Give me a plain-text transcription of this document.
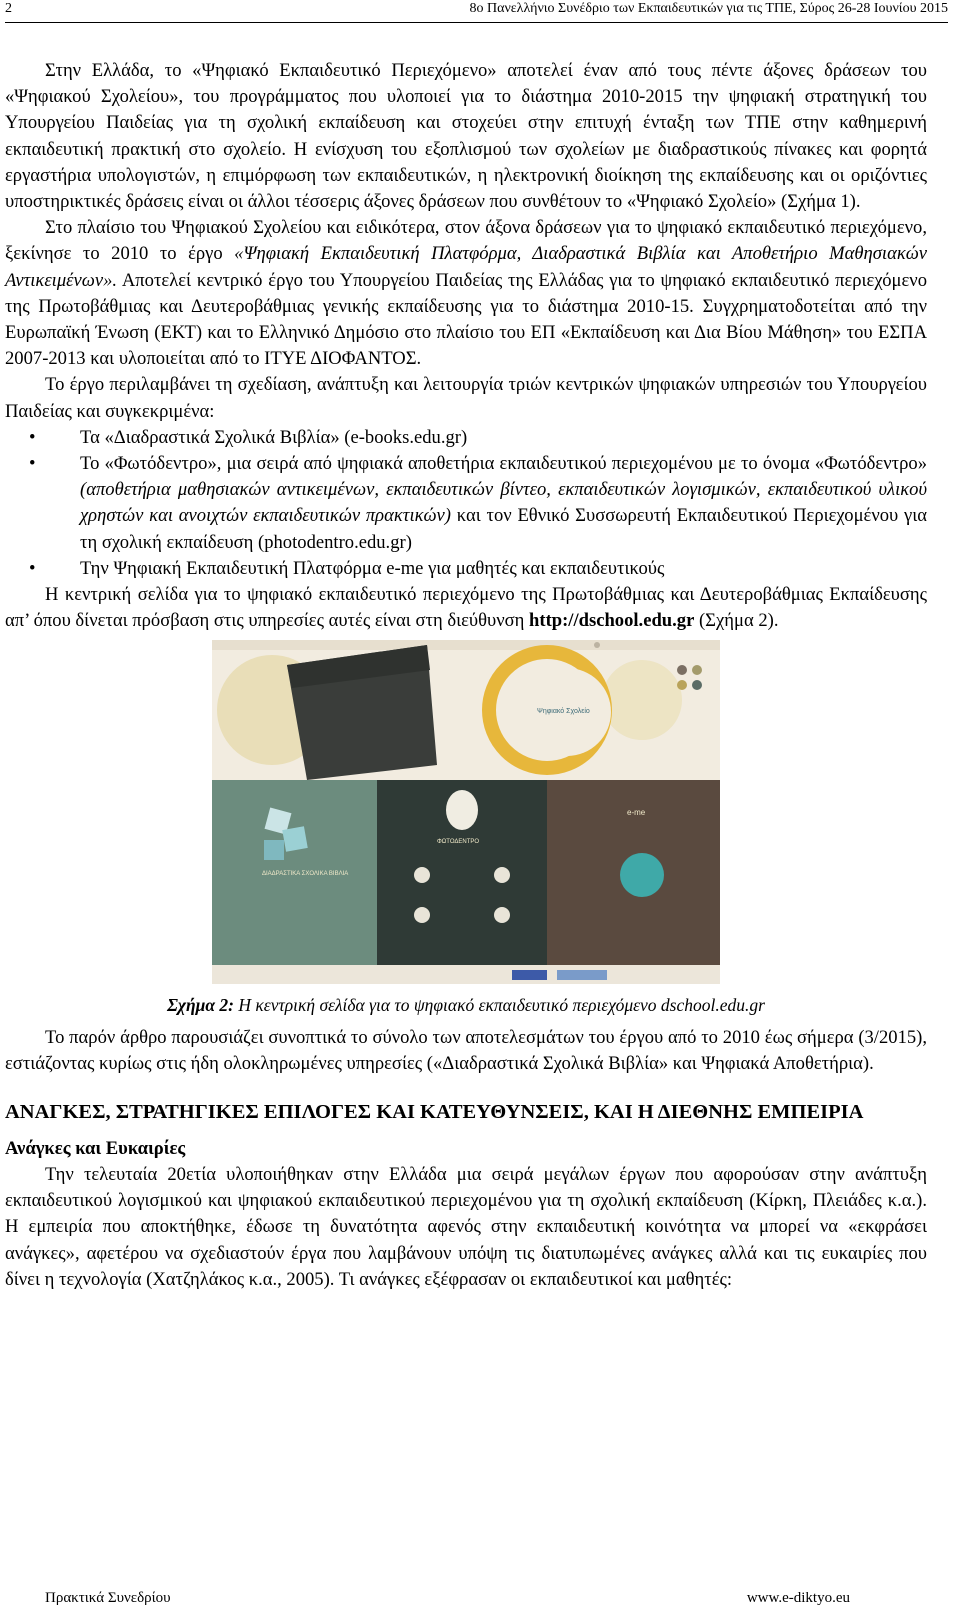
2	8ο Πανελλήνιο Συνέδριο των Εκπαιδευτικών για τις ΤΠΕ, Σύρος 26-28 Ιουνίου 2015

Στην Ελλάδα, το «Ψηφιακό Εκπαιδευτικό Περιεχόμενο» αποτελεί έναν από τους πέντε άξονες δράσεων του «Ψηφιακού Σχολείου», του προγράμματος που υλοποιεί για το διάστημα 2010-2015 την ψηφιακή στρατηγική του Υπουργείου Παιδείας για τη σχολική εκπαίδευση και στοχεύει στην επιτυχή ένταξη των ΤΠΕ στην καθημερινή εκπαιδευτική πρακτική στο σχολείο. Η ενίσχυση του εξοπλισμού των σχολείων με διαδραστικούς πίνακες και φορητά εργαστήρια υπολογιστών, η επιμόρφωση των εκπαιδευτικών, η ηλεκτρονική διοίκηση της εκπαίδευσης και οι οριζόντιες υποστηρικτικές δράσεις είναι οι άλλοι τέσσερις άξονες δράσεων που συνθέτουν το «Ψηφιακό Σχολείο» (Σχήμα 1).

Στο πλαίσιο του Ψηφιακού Σχολείου και ειδικότερα, στον άξονα δράσεων για το ψηφιακό εκπαιδευτικό περιεχόμενο, ξεκίνησε το 2010 το έργο «Ψηφιακή Εκπαιδευτική Πλατφόρμα, Διαδραστικά Βιβλία και Αποθετήριο Μαθησιακών Αντικειμένων». Αποτελεί κεντρικό έργο του Υπουργείου Παιδείας της Ελλάδας για το ψηφιακό εκπαιδευτικό περιεχόμενο της Πρωτοβάθμιας και Δευτεροβάθμιας γενικής εκπαίδευσης για το διάστημα 2010-15. Συγχρηματοδοτείται από την Ευρωπαϊκή Ένωση (ΕΚΤ) και το Ελληνικό Δημόσιο στο πλαίσιο του ΕΠ «Εκπαίδευση και Δια Βίου Μάθηση» του ΕΣΠΑ 2007-2013 και υλοποιείται από το ΙΤΥΕ ΔΙΟΦΑΝΤΟΣ.

Το έργο περιλαμβάνει τη σχεδίαση, ανάπτυξη και λειτουργία τριών κεντρικών ψηφιακών υπηρεσιών του Υπουργείου Παιδείας και συγκεκριμένα:

• Τα «Διαδραστικά Σχολικά Βιβλία» (e-books.edu.gr)
• Το «Φωτόδεντρο», μια σειρά από ψηφιακά αποθετήρια εκπαιδευτικού περιεχομένου με το όνομα «Φωτόδεντρο» (αποθετήρια μαθησιακών αντικειμένων, εκπαιδευτικών βίντεο, εκπαιδευτικών λογισμικών, εκπαιδευτικού υλικού χρηστών και ανοιχτών εκπαιδευτικών πρακτικών) και τον Εθνικό Συσσωρευτή Εκπαιδευτικού Περιεχομένου για τη σχολική εκπαίδευση (photodentro.edu.gr)
• Την Ψηφιακή Εκπαιδευτική Πλατφόρμα e-me για μαθητές και εκπαιδευτικούς

Η κεντρική σελίδα για το ψηφιακό εκπαιδευτικό περιεχόμενο της Πρωτοβάθμιας και Δευτεροβάθμιας Εκπαίδευσης απ’ όπου δίνεται πρόσβαση στις υπηρεσίες αυτές είναι στη διεύθυνση http://dschool.edu.gr (Σχήμα 2).

Ψηφιακό Σχολείο
ΔΙΑΔΡΑΣΤΙΚΑ ΣΧΟΛΙΚΑ ΒΙΒΛΙΑ
ΦΩΤΟΔΕΝΤΡΟ
e-me
Σχήμα 2: Η κεντρική σελίδα για το ψηφιακό εκπαιδευτικό περιεχόμενο dschool.edu.gr

Το παρόν άρθρο παρουσιάζει συνοπτικά το σύνολο των αποτελεσμάτων του έργου από το 2010 έως σήμερα (3/2015), εστιάζοντας κυρίως στις ήδη ολοκληρωμένες υπηρεσίες («Διαδραστικά Σχολικά Βιβλία» και Ψηφιακά Αποθετήρια).

ΑΝΑΓΚΕΣ, ΣΤΡΑΤΗΓΙΚΕΣ ΕΠΙΛΟΓΕΣ ΚΑΙ ΚΑΤΕΥΘΥΝΣΕΙΣ, ΚΑΙ Η ΔΙΕΘΝΗΣ ΕΜΠΕΙΡΙΑ
Ανάγκες και Ευκαιρίες

Την τελευταία 20ετία υλοποιήθηκαν στην Ελλάδα μια σειρά μεγάλων έργων που αφορούσαν στην ανάπτυξη εκπαιδευτικού λογισμικού και ψηφιακού εκπαιδευτικού περιεχομένου για τη σχολική εκπαίδευση (Κίρκη, Πλειάδες κ.α.). Η εμπειρία που αποκτήθηκε, έδωσε τη δυνατότητα αφενός στην εκπαιδευτική κοινότητα να μπορεί να «εκφράσει ανάγκες», αφετέρου να σχεδιαστούν έργα που λαμβάνουν υπόψη τις διατυπωμένες ανάγκες αλλά και τις ευκαιρίες που δίνει η τεχνολογία (Χατζηλάκος κ.α., 2005). Τι ανάγκες εξέφρασαν οι εκπαιδευτικοί και μαθητές:

Πρακτικά Συνεδρίου	www.e-diktyo.eu
